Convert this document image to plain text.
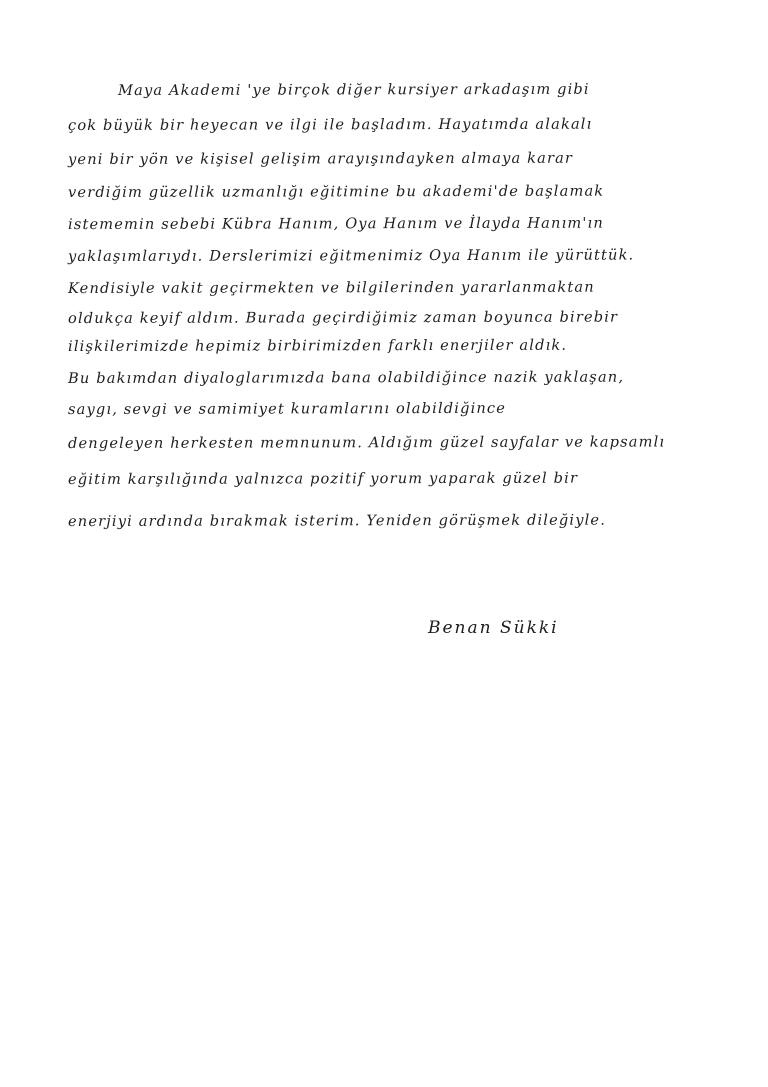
Maya Akademi 'ye birçok diğer kursiyer arkadaşım gibi
çok büyük bir heyecan ve ilgi ile başladım. Hayatımda alakalı
yeni bir yön ve kişisel gelişim arayışındayken almaya karar
verdiğim güzellik uzmanlığı eğitimine bu akademi'de başlamak
istememin sebebi Kübra Hanım, Oya Hanım ve İlayda Hanım'ın
yaklaşımlarıydı. Derslerimizi eğitmenimiz Oya Hanım ile yürüttük.
Kendisiyle vakit geçirmekten ve bilgilerinden yararlanmaktan
oldukça keyif aldım. Burada geçirdiğimiz zaman boyunca birebir
ilişkilerimizde hepimiz birbirimizden farklı enerjiler aldık.
Bu bakımdan diyaloglarımızda bana olabildiğince nazik yaklaşan,
saygı, sevgi ve samimiyet kuramlarını olabildiğince
dengeleyen herkesten memnunum. Aldığım güzel sayfalar ve kapsamlı
eğitim karşılığında yalnızca pozitif yorum yaparak güzel bir
enerjiyi ardında bırakmak isterim. Yeniden görüşmek dileğiyle.
Benan Sükki
